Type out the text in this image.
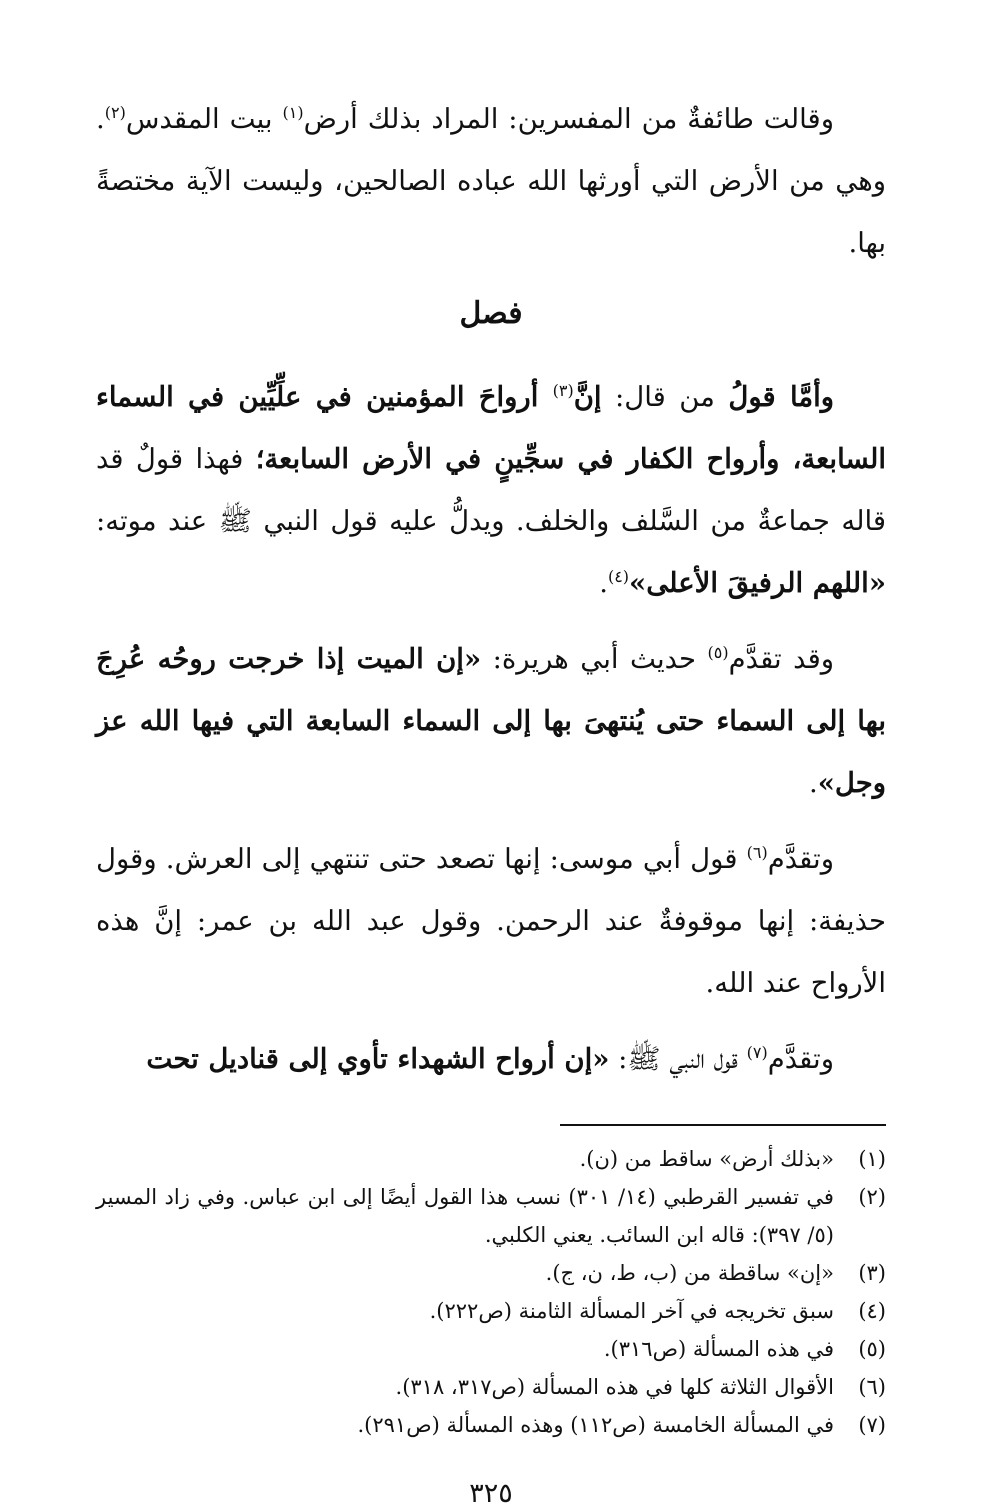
وقالت طائفةٌ من المفسرين: المراد بذلك أرض$^{(١)}$ بيت المقدس$^{(٢)}$. وهي من الأرض التي أورثها الله عباده الصالحين، وليست الآية مختصةً بها.

فصل

وأمَّا قولُ من قال: إنَّ$^{(٣)}$ أرواحَ المؤمنين في علِّيِّين في السماء السابعة، وأرواح الكفار في سجِّينٍ في الأرض السابعة؛ فهذا قولٌ قد قاله جماعةٌ من السَّلف والخلف. ويدلُّ عليه قول النبي ﷺ عند موته: «اللهم الرفيقَ الأعلى»$^{(٤)}$.

وقد تقدَّم$^{(٥)}$ حديث أبي هريرة: «إن الميت إذا خرجت روحُه عُرِجَ بها إلى السماء حتى يُنتهىَ بها إلى السماء السابعة التي فيها الله عز وجل».

وتقدَّم$^{(٦)}$ قول أبي موسى: إنها تصعد حتى تنتهي إلى العرش. وقول حذيفة: إنها موقوفةٌ عند الرحمن. وقول عبد الله بن عمر: إنَّ هذه الأرواح عند الله.

وتقدَّم$^{(٧)}$ قول النبي ﷺ: «إن أرواح الشهداء تأوي إلى قناديل تحت

(١)
«بذلك أرض» ساقط من (ن).
(٢)
في تفسير القرطبي (١٤/ ٣٠١) نسب هذا القول أيضًا إلى ابن عباس. وفي زاد المسير (٥/ ٣٩٧): قاله ابن السائب. يعني الكلبي.
(٣)
«إن» ساقطة من (ب، ط، ن، ج).
(٤)
سبق تخريجه في آخر المسألة الثامنة (ص٢٢٢).
(٥)
في هذه المسألة (ص٣١٦).
(٦)
الأقوال الثلاثة كلها في هذه المسألة (ص٣١٧، ٣١٨).
(٧)
في المسألة الخامسة (ص١١٢) وهذه المسألة (ص٢٩١).
٣٢٥
